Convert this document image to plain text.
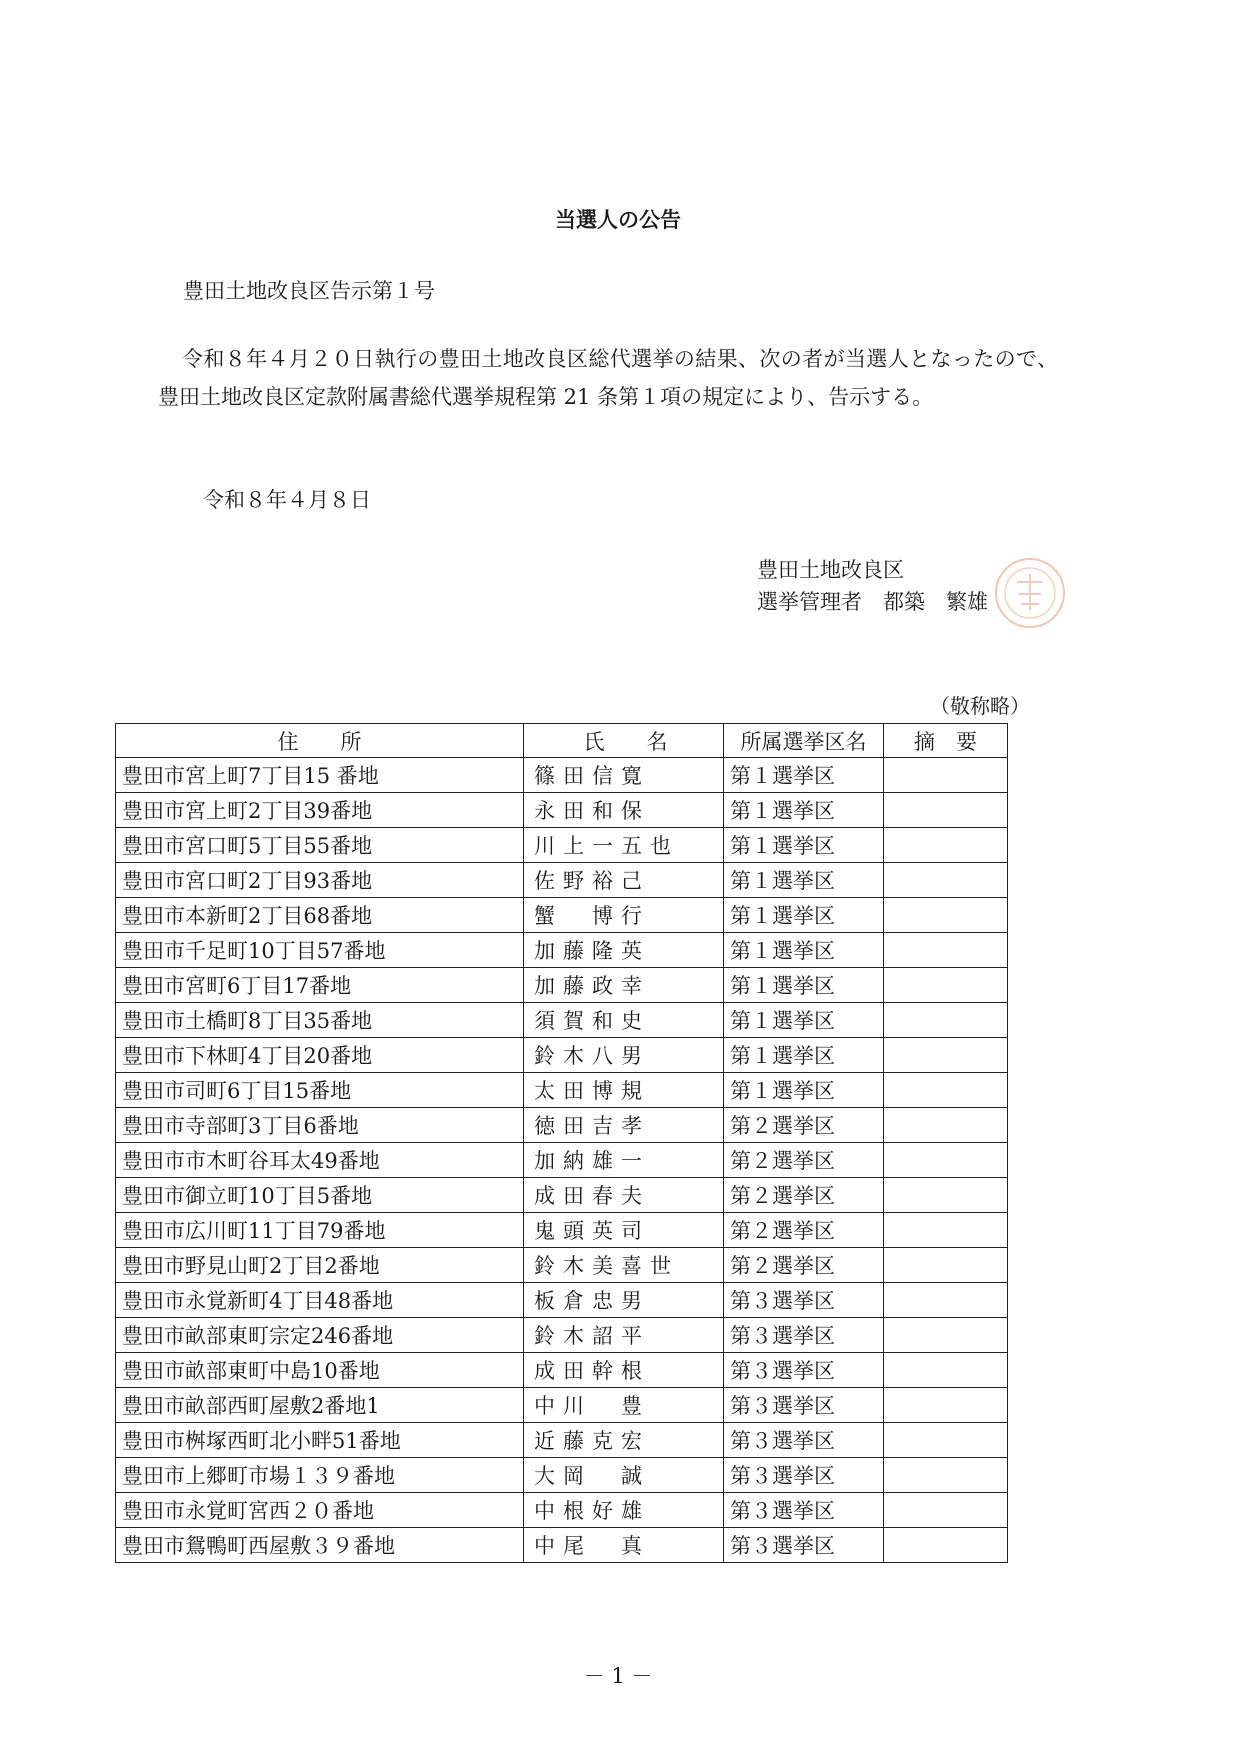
当選人の公告
豊田土地改良区告示第１号
令和８年４月２０日執行の豊田土地改良区総代選挙の結果、次の者が当選人となったので、豊田土地改良区定款附属書総代選挙規程第 21 条第１項の規定により、告示する。
令和８年４月８日
豊田土地改良区
選挙管理者　都築　繁雄
（敬称略）
住　　所	氏　　名	所属選挙区名	摘　要
豊田市宮上町7丁目15 番地	篠田信寛	第１選挙区	
豊田市宮上町2丁目39番地	永田和保	第１選挙区	
豊田市宮口町5丁目55番地	川上一五也	第１選挙区	
豊田市宮口町2丁目93番地	佐野裕己	第１選挙区	
豊田市本新町2丁目68番地	蟹　博行	第１選挙区	
豊田市千足町10丁目57番地	加藤隆英	第１選挙区	
豊田市宮町6丁目17番地	加藤政幸	第１選挙区	
豊田市土橋町8丁目35番地	須賀和史	第１選挙区	
豊田市下林町4丁目20番地	鈴木八男	第１選挙区	
豊田市司町6丁目15番地	太田博規	第１選挙区	
豊田市寺部町3丁目6番地	徳田吉孝	第２選挙区	
豊田市市木町谷耳太49番地	加納雄一	第２選挙区	
豊田市御立町10丁目5番地	成田春夫	第２選挙区	
豊田市広川町11丁目79番地	鬼頭英司	第２選挙区	
豊田市野見山町2丁目2番地	鈴木美喜世	第２選挙区	
豊田市永覚新町4丁目48番地	板倉忠男	第３選挙区	
豊田市畝部東町宗定246番地	鈴木詔平	第３選挙区	
豊田市畝部東町中島10番地	成田幹根	第３選挙区	
豊田市畝部西町屋敷2番地1	中川　豊	第３選挙区	
豊田市桝塚西町北小畔51番地	近藤克宏	第３選挙区	
豊田市上郷町市場１３９番地	大岡　誠	第３選挙区	
豊田市永覚町宮西２０番地	中根好雄	第３選挙区	
豊田市鴛鴨町西屋敷３９番地	中尾　真	第３選挙区	
－ 1 －
